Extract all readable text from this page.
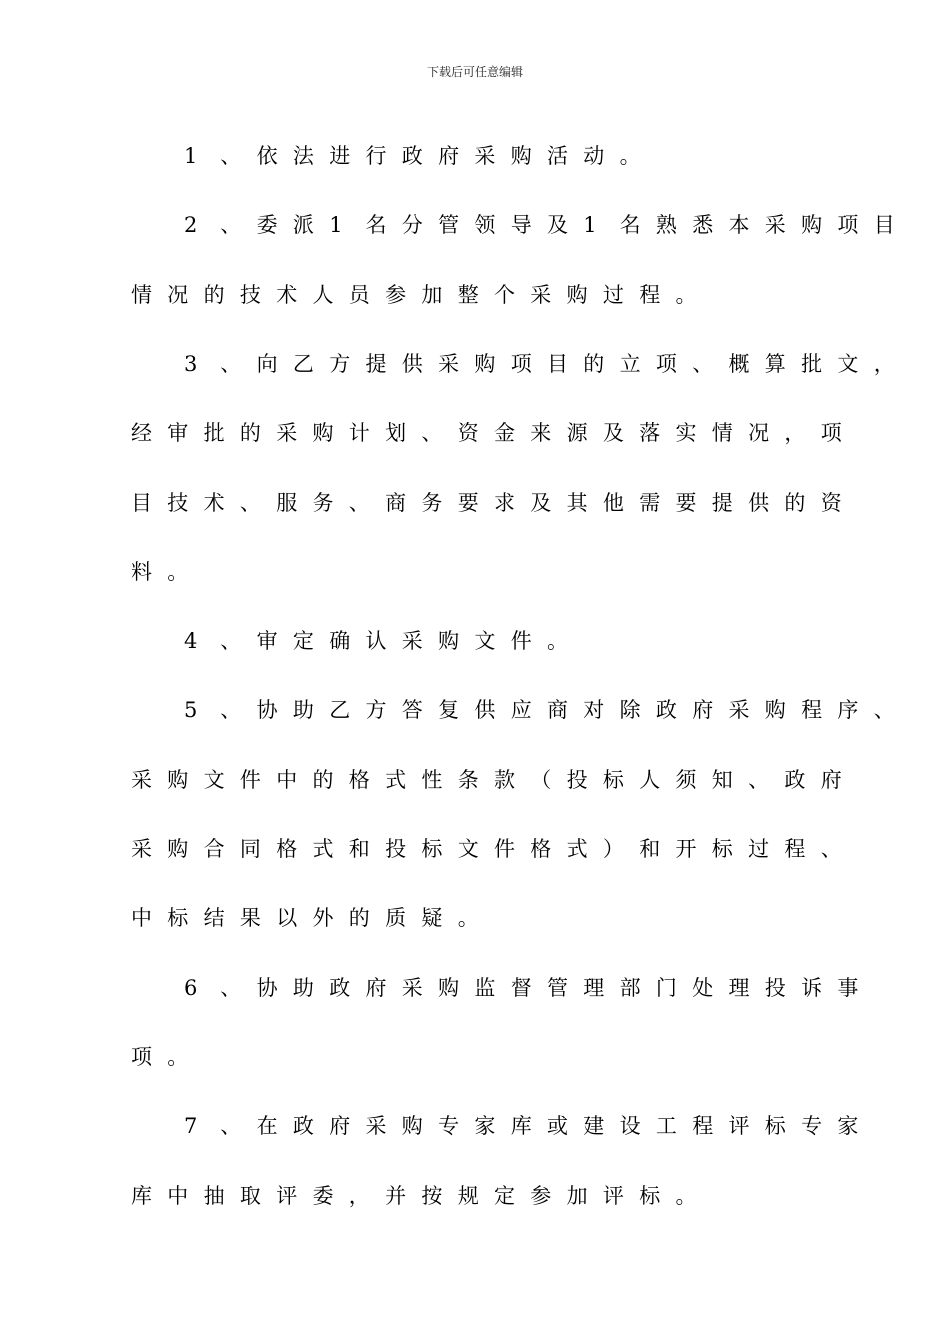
下载后可任意编辑
1	、 依 法 进 行 政 府 采 购 活 动 。
2	、 委 派 1	名 分 管 领 导 及 1	名 熟 悉 本 采 购 项 目
情 况 的 技 术 人 员 参 加 整 个 采 购 过 程 。
3	、 向 乙 方 提 供 采 购 项 目 的 立 项 、 概 算 批 文 ，
经 审 批 的 采 购 计 划 、 资 金 来 源 及 落 实 情 况 ， 项
目 技 术 、 服 务 、 商 务 要 求 及 其 他 需 要 提 供 的 资
料 。
4	、 审 定 确 认 采 购 文 件 。
5	、 协 助 乙 方 答 复 供 应 商 对 除 政 府 采 购 程 序 、
采 购 文 件 中 的 格 式 性 条 款 （ 投 标 人 须 知 、 政 府
采 购 合 同 格 式 和 投 标 文 件 格 式 ） 和 开 标 过 程 、
中 标 结 果 以 外 的 质 疑 。
6	、 协 助 政 府 采 购 监 督 管 理 部 门 处 理 投 诉 事
项 。
7	、 在 政 府 采 购 专 家 库 或 建 设 工 程 评 标 专 家
库 中 抽 取 评 委 ， 并 按 规 定 参 加 评 标 。
